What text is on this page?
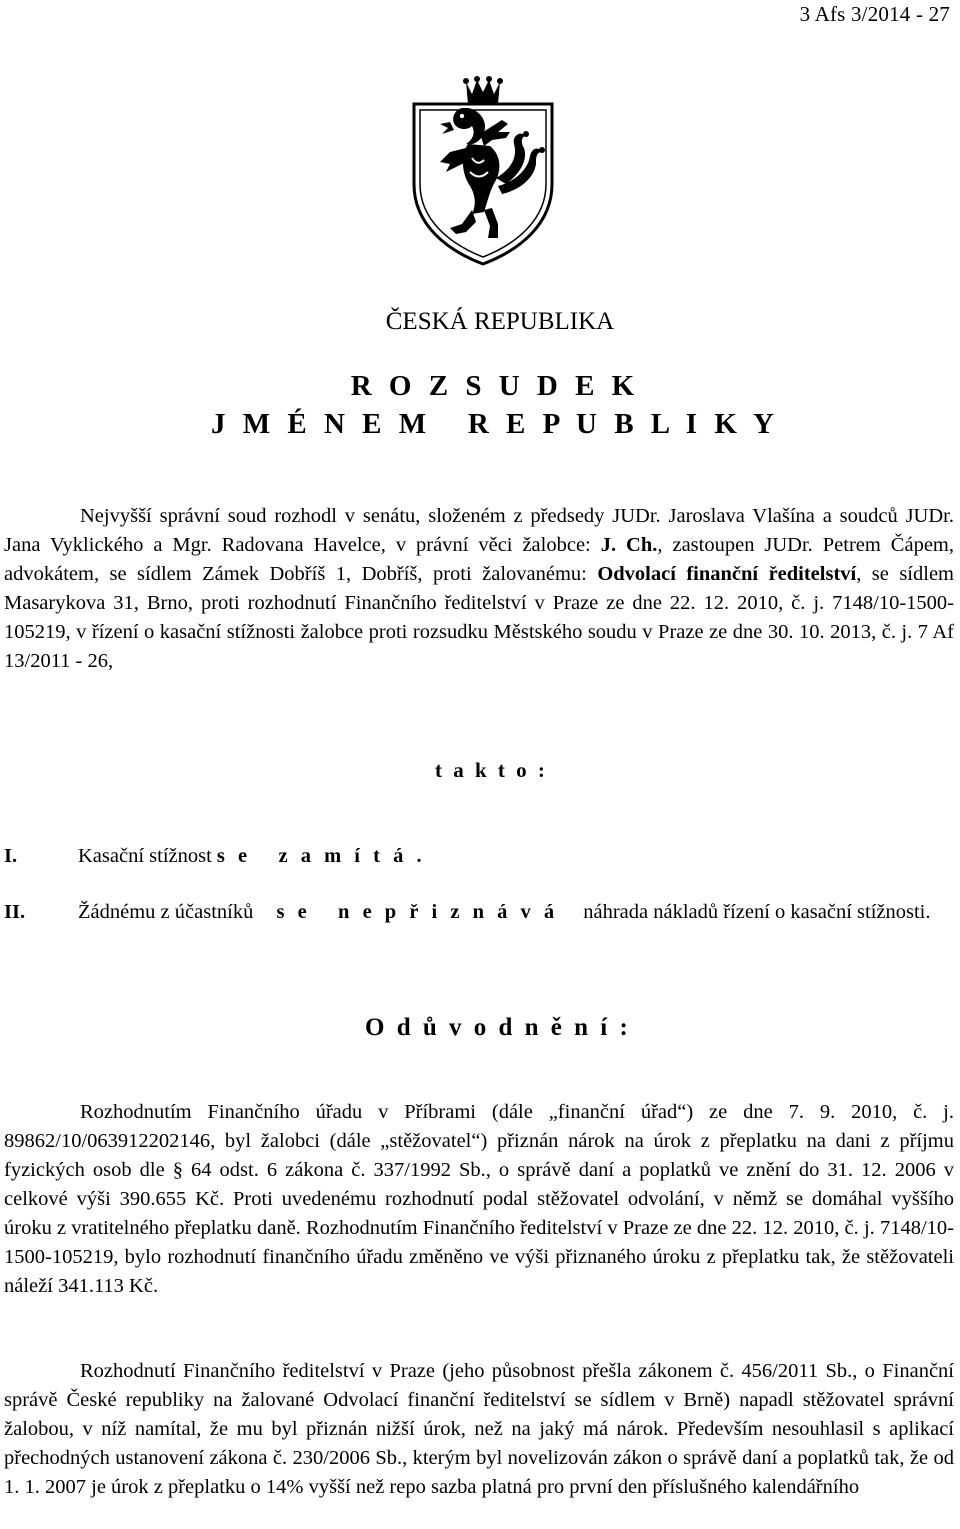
3 Afs 3/2014 - 27
ČESKÁ REPUBLIKA
R O Z S U D E K
J M É N E M   R E P U B L I K Y

Nejvyšší správní soud rozhodl v senátu, složeném z předsedy JUDr. Jaroslava Vlašína a soudců JUDr. Jana Vyklického a Mgr. Radovana Havelce, v právní věci žalobce: J. Ch., zastoupen JUDr. Petrem Čápem, advokátem, se sídlem Zámek Dobříš 1, Dobříš, proti žalovanému: Odvolací finanční ředitelství, se sídlem Masarykova 31, Brno, proti rozhodnutí Finančního ředitelství v Praze ze dne 22. 12. 2010, č. j. 7148/10-1500-105219, v řízení o kasační stížnosti žalobce proti rozsudku Městského soudu v Praze ze dne 30. 10. 2013, č. j. 7 Af 13/2011 - 26,

t a k t o :
I.	Kasační stížnost s e   z a m í t á .
II.	Žádnému z účastníků s e   n e p ř i z n á v á náhrada nákladů řízení o kasační stížnosti.
O d ů v o d n ě n í :

Rozhodnutím Finančního úřadu v Příbrami (dále „finanční úřad“) ze dne 7. 9. 2010, č. j. 89862/10/063912202146, byl žalobci (dále „stěžovatel“) přiznán nárok na úrok z přeplatku na dani z příjmu fyzických osob dle § 64 odst. 6 zákona č. 337/1992 Sb., o správě daní a poplatků ve znění do 31. 12. 2006 v celkové výši 390.655 Kč. Proti uvedenému rozhodnutí podal stěžovatel odvolání, v němž se domáhal vyššího úroku z vratitelného přeplatku daně. Rozhodnutím Finančního ředitelství v Praze ze dne 22. 12. 2010, č. j. 7148/10-1500-105219, bylo rozhodnutí finančního úřadu změněno ve výši přiznaného úroku z přeplatku tak, že stěžovateli náleží 341.113 Kč.

Rozhodnutí Finančního ředitelství v Praze (jeho působnost přešla zákonem č. 456/2011 Sb., o Finanční správě České republiky na žalované Odvolací finanční ředitelství se sídlem v Brně) napadl stěžovatel správní žalobou, v níž namítal, že mu byl přiznán nižší úrok, než na jaký má nárok. Především nesouhlasil s aplikací přechodných ustanovení zákona č. 230/2006 Sb., kterým byl novelizován zákon o správě daní a poplatků tak, že od 1. 1. 2007 je úrok z přeplatku o 14% vyšší než repo sazba platná pro první den příslušného kalendářního
